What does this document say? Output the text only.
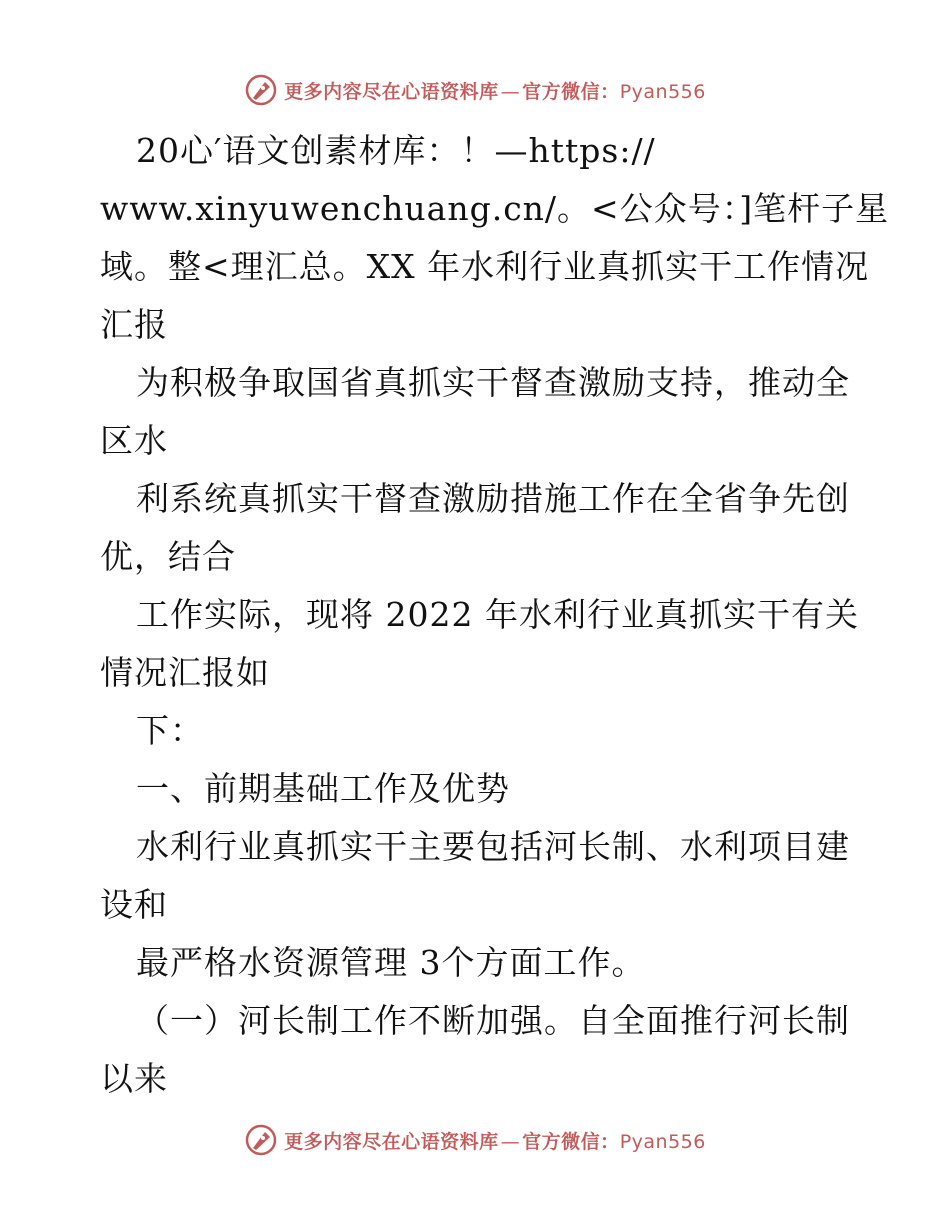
更多内容尽在心语资料库 — 官方微信：Pyan556
20心′语文创素材库：！—https://
www.xinyuwenchuang.cn/。<公众号：]笔杆子星
域。整<理汇总。XX 年水利行业真抓实干工作情况
汇报
为积极争取国省真抓实干督查激励支持，推动全
区水
利系统真抓实干督查激励措施工作在全省争先创
优，结合
工作实际，现将 2022 年水利行业真抓实干有关
情况汇报如
下：
一、前期基础工作及优势
水利行业真抓实干主要包括河长制、水利项目建
设和
最严格水资源管理 3个方面工作。
（一）河长制工作不断加强。自全面推行河长制
以来
更多内容尽在心语资料库 — 官方微信：Pyan556
